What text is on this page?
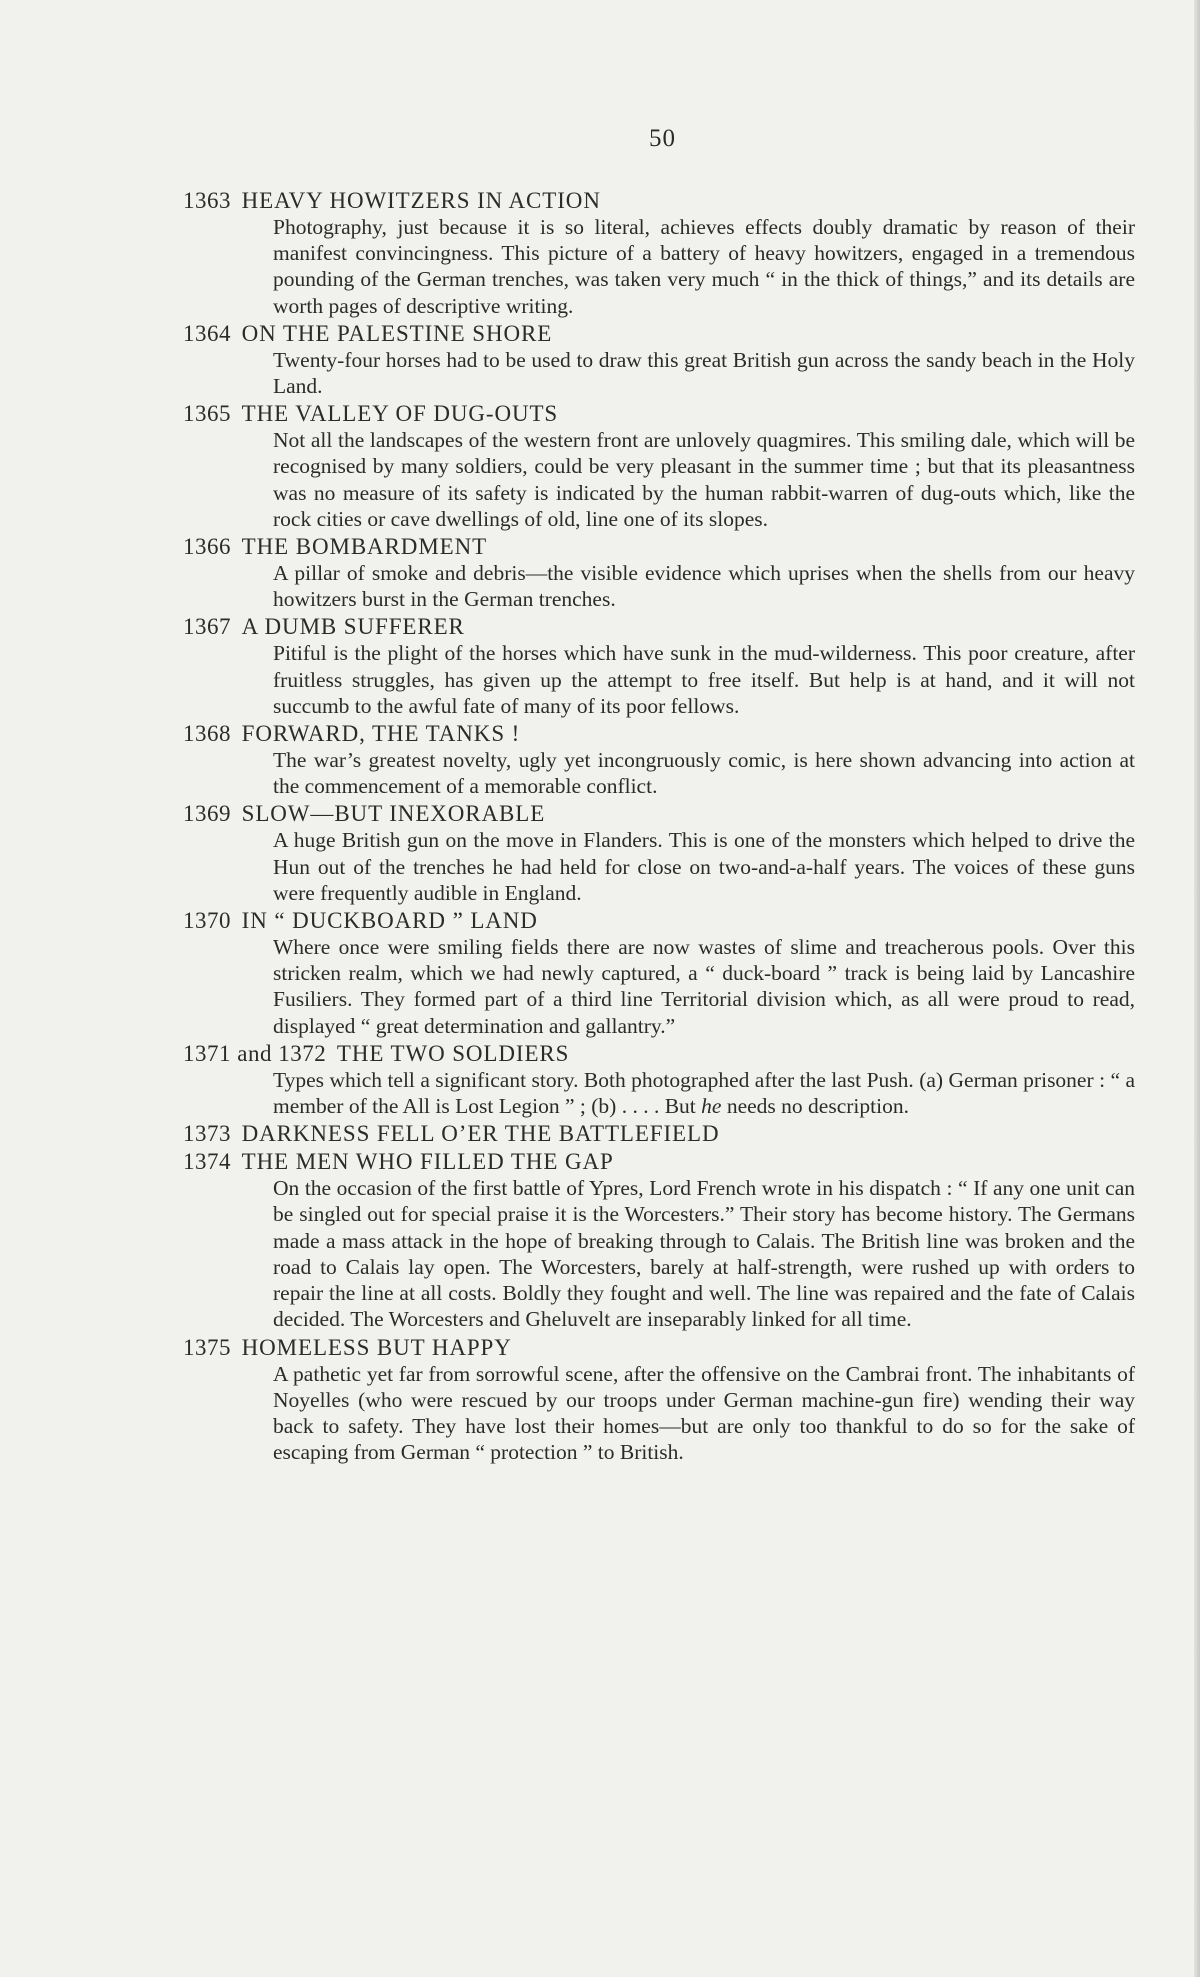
50
1363 HEAVY HOWITZERS IN ACTION
Photography, just because it is so literal, achieves effects doubly dramatic by reason of their manifest convincingness. This picture of a battery of heavy howitzers, engaged in a tremendous pounding of the German trenches, was taken very much “ in the thick of things,” and its details are worth pages of descriptive writing.
1364 ON THE PALESTINE SHORE
Twenty-four horses had to be used to draw this great British gun across the sandy beach in the Holy Land.
1365 THE VALLEY OF DUG-OUTS
Not all the landscapes of the western front are unlovely quagmires. This smiling dale, which will be recognised by many soldiers, could be very pleasant in the summer time ; but that its pleasantness was no measure of its safety is indicated by the human rabbit-warren of dug-outs which, like the rock cities or cave dwellings of old, line one of its slopes.
1366 THE BOMBARDMENT
A pillar of smoke and debris—the visible evidence which uprises when the shells from our heavy howitzers burst in the German trenches.
1367 A DUMB SUFFERER
Pitiful is the plight of the horses which have sunk in the mud-wilderness. This poor creature, after fruitless struggles, has given up the attempt to free itself. But help is at hand, and it will not succumb to the awful fate of many of its poor fellows.
1368 FORWARD, THE TANKS !
The war’s greatest novelty, ugly yet incongruously comic, is here shown advancing into action at the commencement of a memorable conflict.
1369 SLOW—BUT INEXORABLE
A huge British gun on the move in Flanders. This is one of the monsters which helped to drive the Hun out of the trenches he had held for close on two-and-a-half years. The voices of these guns were frequently audible in England.
1370 IN “ DUCKBOARD ” LAND
Where once were smiling fields there are now wastes of slime and treacherous pools. Over this stricken realm, which we had newly captured, a “ duck-board ” track is being laid by Lancashire Fusiliers. They formed part of a third line Territorial division which, as all were proud to read, displayed “ great determination and gallantry.”
1371 and 1372 THE TWO SOLDIERS
Types which tell a significant story. Both photographed after the last Push. (a) German prisoner : “ a member of the All is Lost Legion ” ; (b) . . . . But he needs no description.
1373 DARKNESS FELL O’ER THE BATTLEFIELD
1374 THE MEN WHO FILLED THE GAP
On the occasion of the first battle of Ypres, Lord French wrote in his dispatch : “ If any one unit can be singled out for special praise it is the Worcesters.” Their story has become history. The Germans made a mass attack in the hope of breaking through to Calais. The British line was broken and the road to Calais lay open. The Worcesters, barely at half-strength, were rushed up with orders to repair the line at all costs. Boldly they fought and well. The line was repaired and the fate of Calais decided. The Worcesters and Gheluvelt are inseparably linked for all time.
1375 HOMELESS BUT HAPPY
A pathetic yet far from sorrowful scene, after the offensive on the Cambrai front. The inhabitants of Noyelles (who were rescued by our troops under German machine-gun fire) wending their way back to safety. They have lost their homes—but are only too thankful to do so for the sake of escaping from German “ protection ” to British.
